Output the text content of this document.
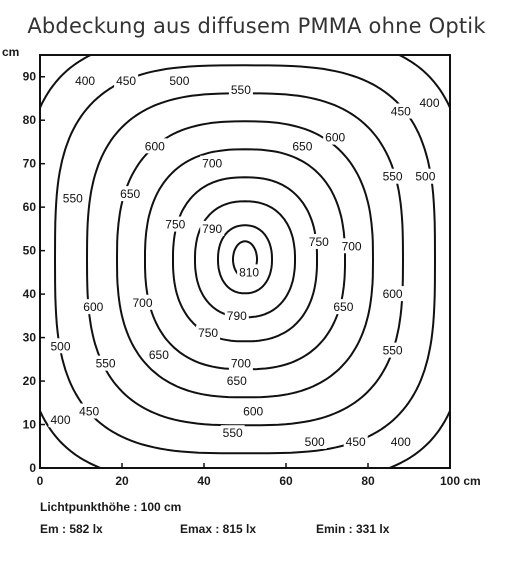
Abdeckung aus diffusem PMMA ohne Optik
0	20	40	60	80	100 cm
0
10
20
30
40
50
60
70
80
90
cm
810
790
790
750
750
750
700
700
700
700
650
650
650
650
650
600
600
600
600
600
550
550
550
550
550
550
500
500
500
500
450
450
450
450
400
400
400
400
Lichtpunkthöhe : 100 cm
Em : 582 lx	Emax : 815 lx	Emin : 331 lx
